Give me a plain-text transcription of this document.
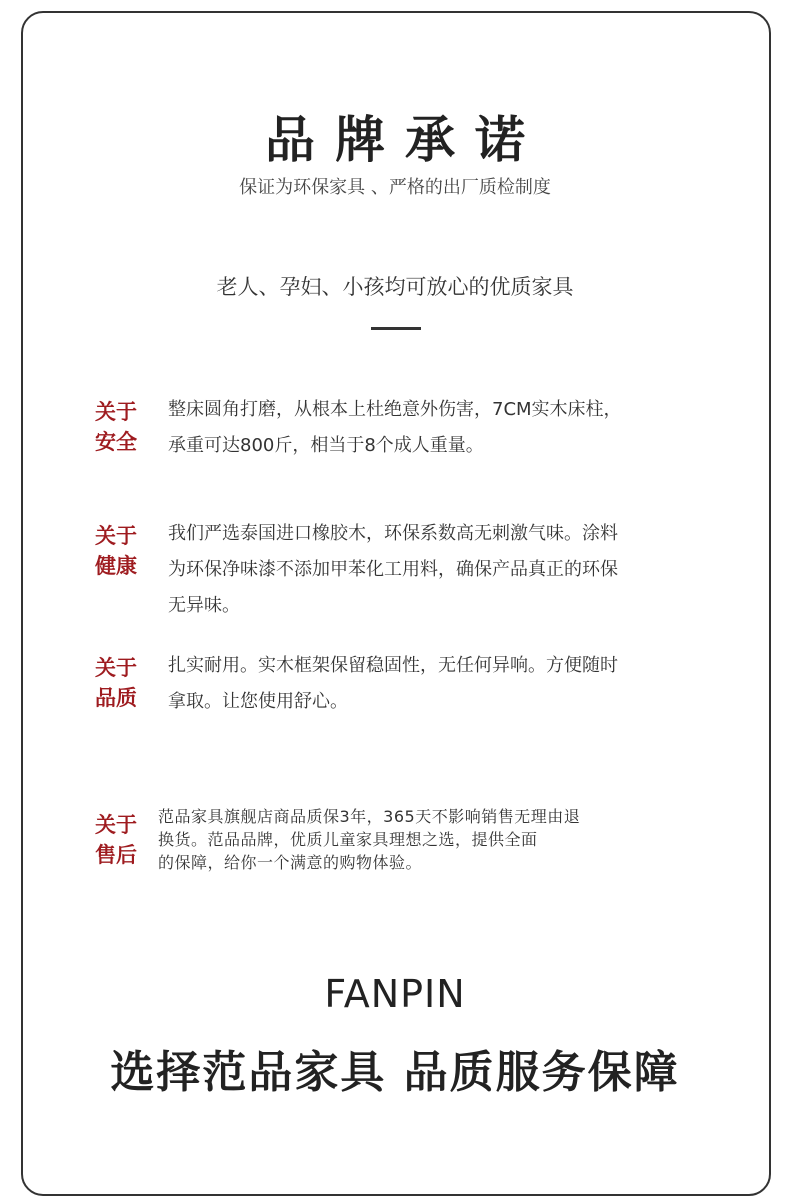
品牌承诺
保证为环保家具 、严格的出厂质检制度
老人、孕妇、小孩均可放心的优质家具
关于
安全
整床圆角打磨，从根本上杜绝意外伤害，7CM实木床柱，
承重可达800斤，相当于8个成人重量。
关于
健康
我们严选泰国进口橡胶木，环保系数高无刺激气味。涂料
为环保净味漆不添加甲苯化工用料，确保产品真正的环保
无异味。
关于
品质
扎实耐用。实木框架保留稳固性，无任何异响。方便随时
拿取。让您使用舒心。
关于
售后
范品家具旗舰店商品质保3年，365天不影响销售无理由退
换货。范品品牌，优质儿童家具理想之选，提供全面
的保障，给你一个满意的购物体验。
FANPIN
选择范品家具 品质服务保障
